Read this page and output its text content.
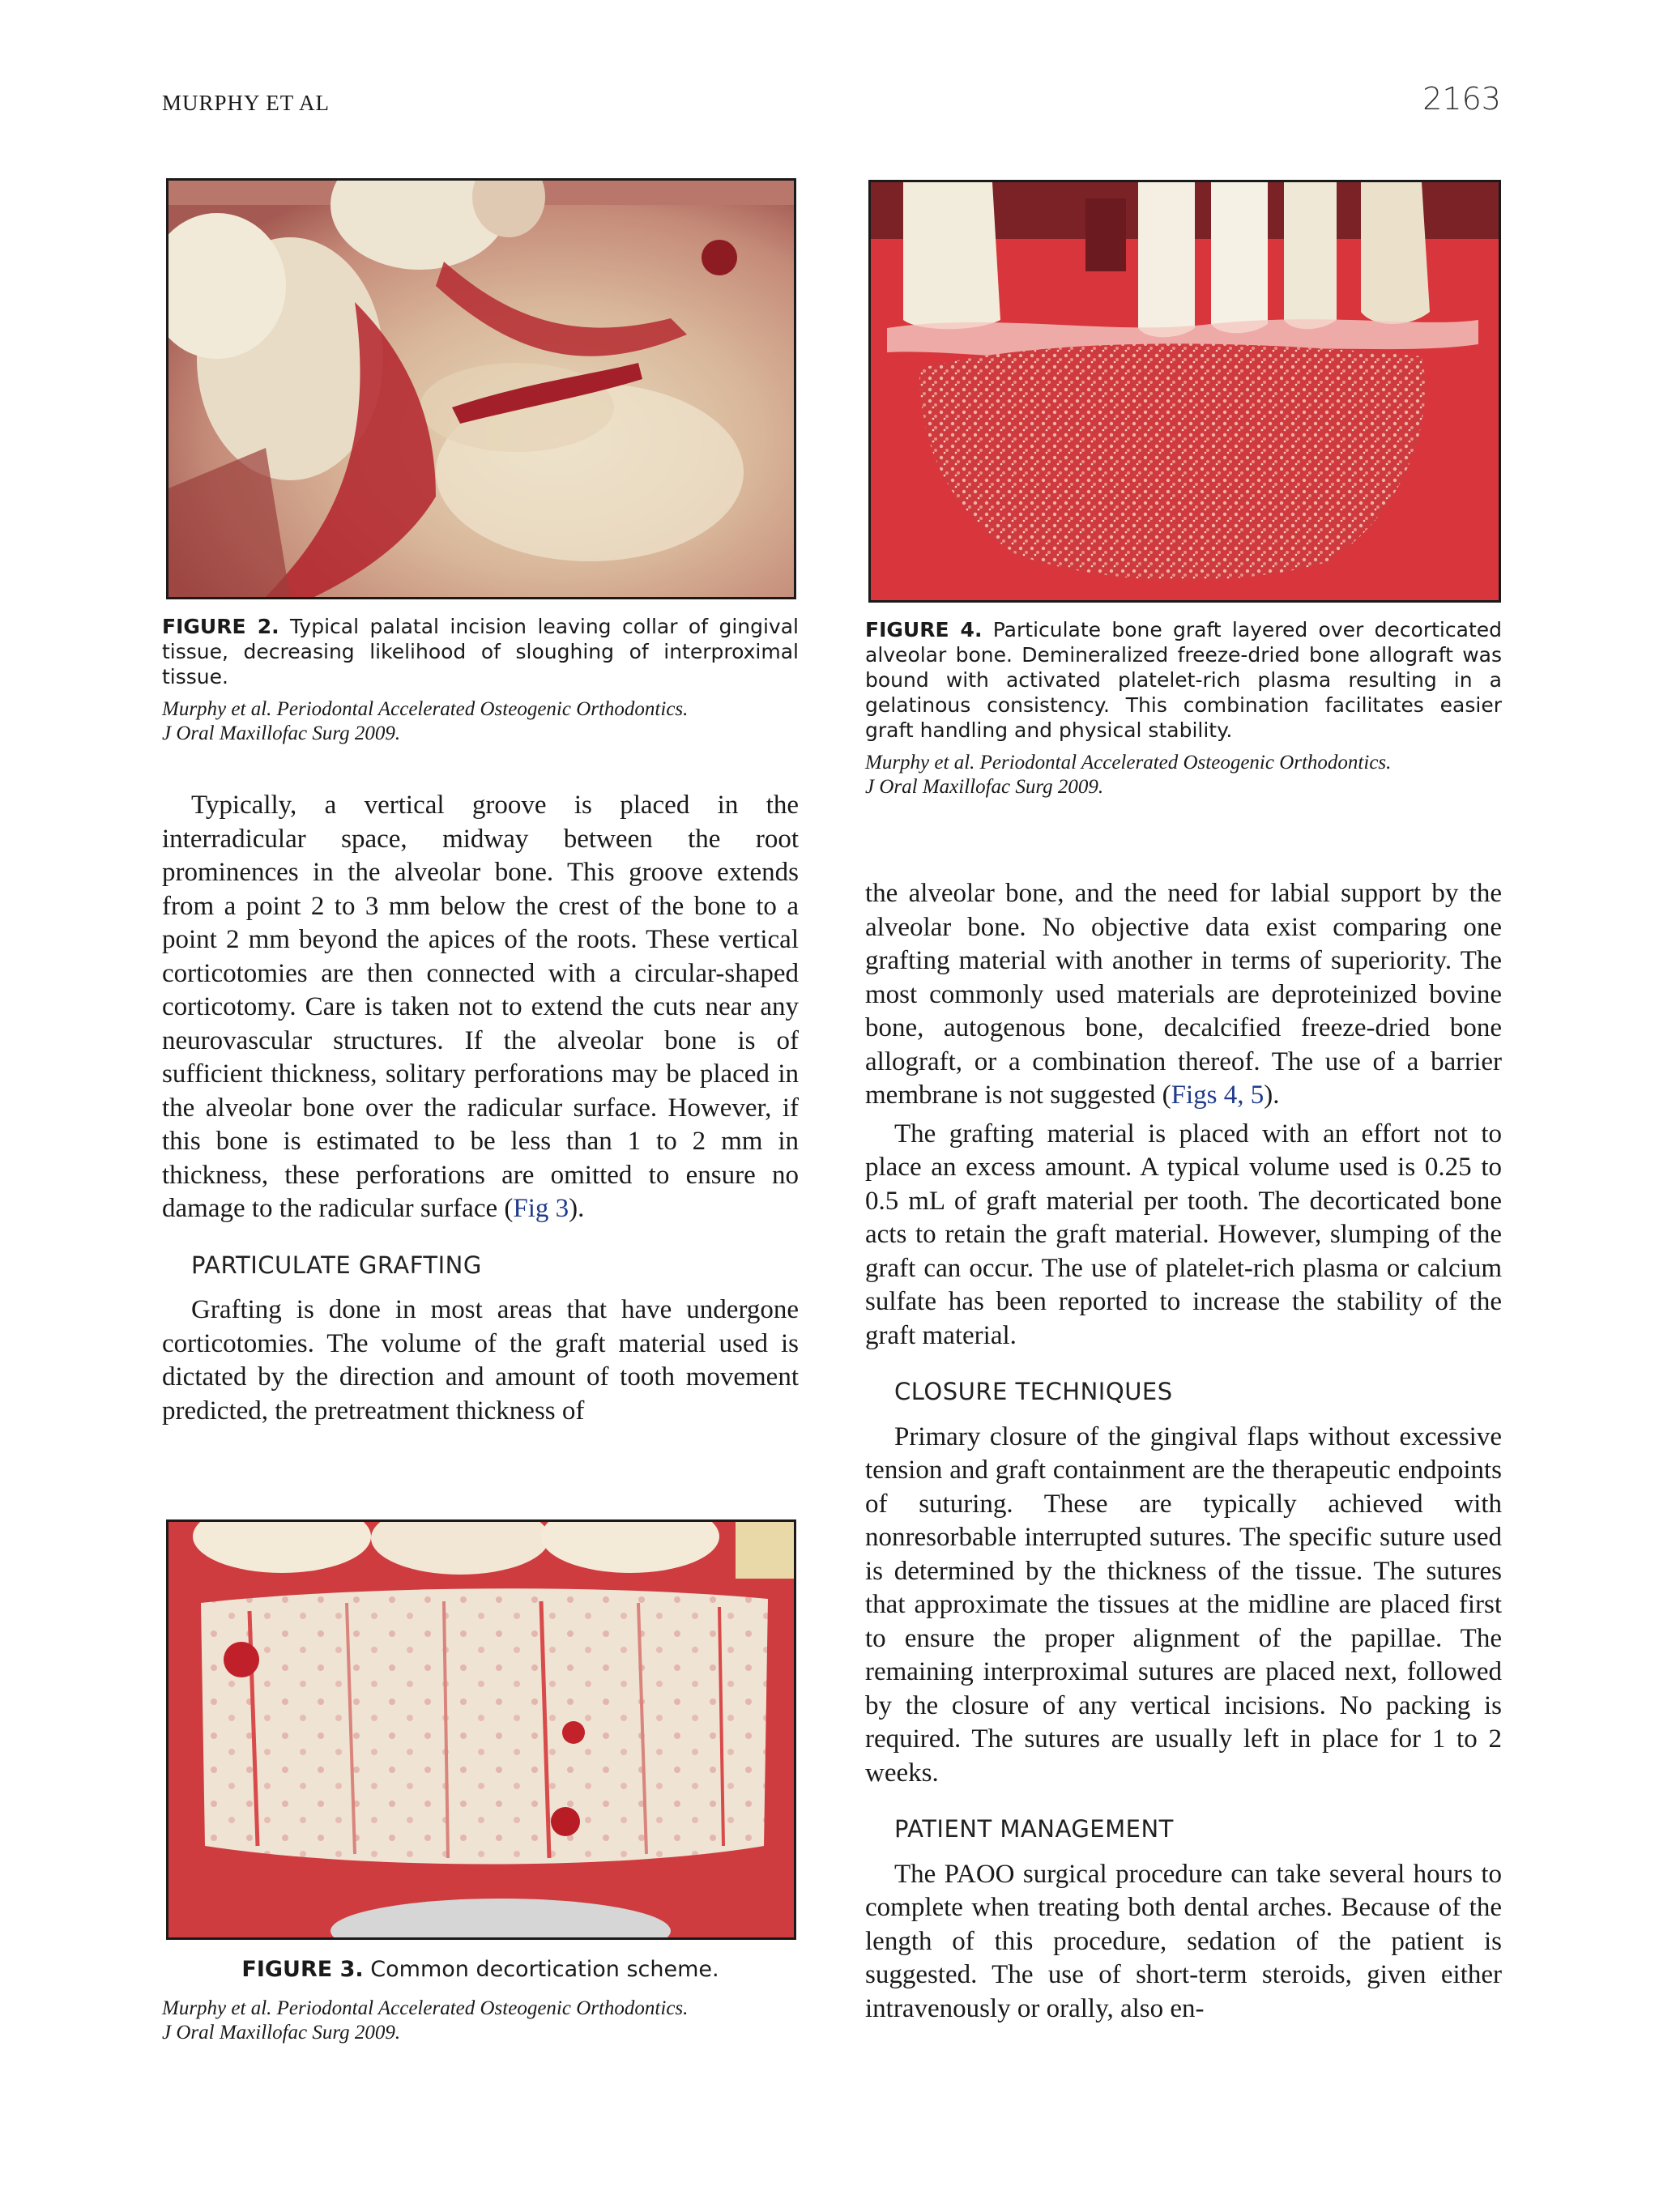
MURPHY ET AL	2163
FIGURE 2. Typical palatal incision leaving collar of gingival tissue, decreasing likelihood of sloughing of interproximal tissue.
Murphy et al. Periodontal Accelerated Osteogenic Orthodontics.
J Oral Maxillofac Surg 2009.
FIGURE 4. Particulate bone graft layered over decorticated alveolar bone. Demineralized freeze-dried bone allograft was bound with activated platelet-rich plasma resulting in a gelatinous consistency. This combination facilitates easier graft handling and physical stability.
Murphy et al. Periodontal Accelerated Osteogenic Orthodontics.
J Oral Maxillofac Surg 2009.

Typically, a vertical groove is placed in the interradicular space, midway between the root prominences in the alveolar bone. This groove extends from a point 2 to 3 mm below the crest of the bone to a point 2 mm beyond the apices of the roots. These vertical corticotomies are then connected with a circular-shaped corticotomy. Care is taken not to extend the cuts near any neurovascular structures. If the alveolar bone is of sufficient thickness, solitary perforations may be placed in the alveolar bone over the radicular surface. However, if this bone is estimated to be less than 1 to 2 mm in thickness, these perforations are omitted to ensure no damage to the radicular surface (Fig 3).

PARTICULATE GRAFTING

Grafting is done in most areas that have undergone corticotomies. The volume of the graft material used is dictated by the direction and amount of tooth movement predicted, the pretreatment thickness of

FIGURE 3. Common decortication scheme.
Murphy et al. Periodontal Accelerated Osteogenic Orthodontics.
J Oral Maxillofac Surg 2009.

the alveolar bone, and the need for labial support by the alveolar bone. No objective data exist comparing one grafting material with another in terms of superiority. The most commonly used materials are deproteinized bovine bone, autogenous bone, decalcified freeze-dried bone allograft, or a combination thereof. The use of a barrier membrane is not suggested (Figs 4, 5).

The grafting material is placed with an effort not to place an excess amount. A typical volume used is 0.25 to 0.5 mL of graft material per tooth. The decorticated bone acts to retain the graft material. However, slumping of the graft can occur. The use of platelet-rich plasma or calcium sulfate has been reported to increase the stability of the graft material.

CLOSURE TECHNIQUES

Primary closure of the gingival flaps without excessive tension and graft containment are the therapeutic endpoints of suturing. These are typically achieved with nonresorbable interrupted sutures. The specific suture used is determined by the thickness of the tissue. The sutures that approximate the tissues at the midline are placed first to ensure the proper alignment of the papillae. The remaining interproximal sutures are placed next, followed by the closure of any vertical incisions. No packing is required. The sutures are usually left in place for 1 to 2 weeks.

PATIENT MANAGEMENT

The PAOO surgical procedure can take several hours to complete when treating both dental arches. Because of the length of this procedure, sedation of the patient is suggested. The use of short-term steroids, given either intravenously or orally, also en-
